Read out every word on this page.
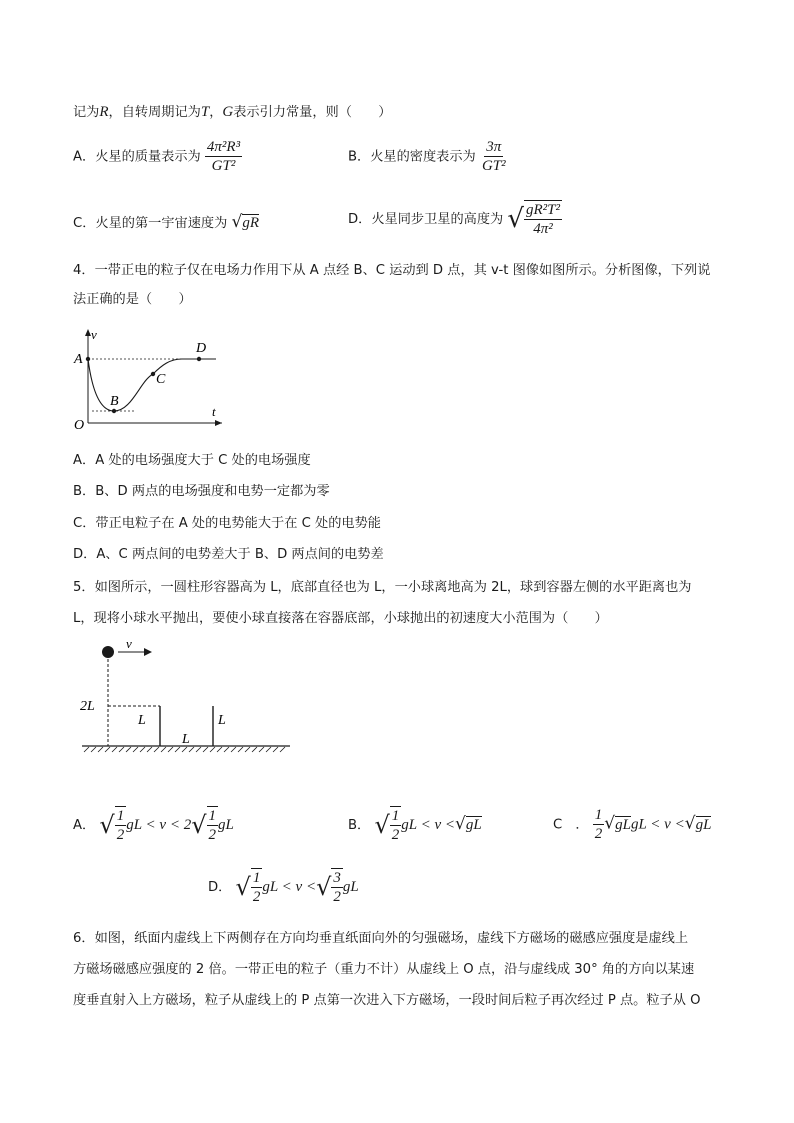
记为R，自转周期记为T，G表示引力常量，则（　　）
A．火星的质量表示为 $\frac{\text{4π²R³}}{\text{GT²}}$	B．火星的密度表示为 $\frac{3\pi}{\text{GT²}}$
C．火星的第一宇宙速度为 √gR	D．火星同步卫星的高度为 √ $\frac{\text{gR²T²}}{\text{4π²}}$
4．一带正电的粒子仅在电场力作用下从 A 点经 B、C 运动到 D 点，其 v-t 图像如图所示。分析图像，下列说
法正确的是（　　）
v
t
A
B
C
D
O
A．A 处的电场强度大于 C 处的电场强度
B．B、D 两点的电场强度和电势一定都为零
C．带正电粒子在 A 处的电势能大于在 C 处的电势能
D．A、C 两点间的电势差大于 B、D 两点间的电势差
5．如图所示，一圆柱形容器高为 L，底部直径也为 L，一小球离地高为 2L，球到容器左侧的水平距离也为
L，现将小球水平抛出，要使小球直接落在容器底部，小球抛出的初速度大小范围为（　　）
v
2L
L
L
L
A． √ $\frac{1}{2}$ gL < $v < 2√ \frac{1}{2}$ gL	B． √ $\frac{1}{2}$ gL < v <√gL	C　． $\frac{1}{2}$ √gLgL < v <√gL
D． √ $\frac{1}{2}$ gL < v <√ $\frac{3}{2}$ gL
6．如图，纸面内虚线上下两侧存在方向均垂直纸面向外的匀强磁场，虚线下方磁场的磁感应强度是虚线上
方磁场磁感应强度的 2 倍。一带正电的粒子（重力不计）从虚线上 O 点，沿与虚线成 30° 角的方向以某速
度垂直射入上方磁场，粒子从虚线上的 P 点第一次进入下方磁场，一段时间后粒子再次经过 P 点。粒子从 O
